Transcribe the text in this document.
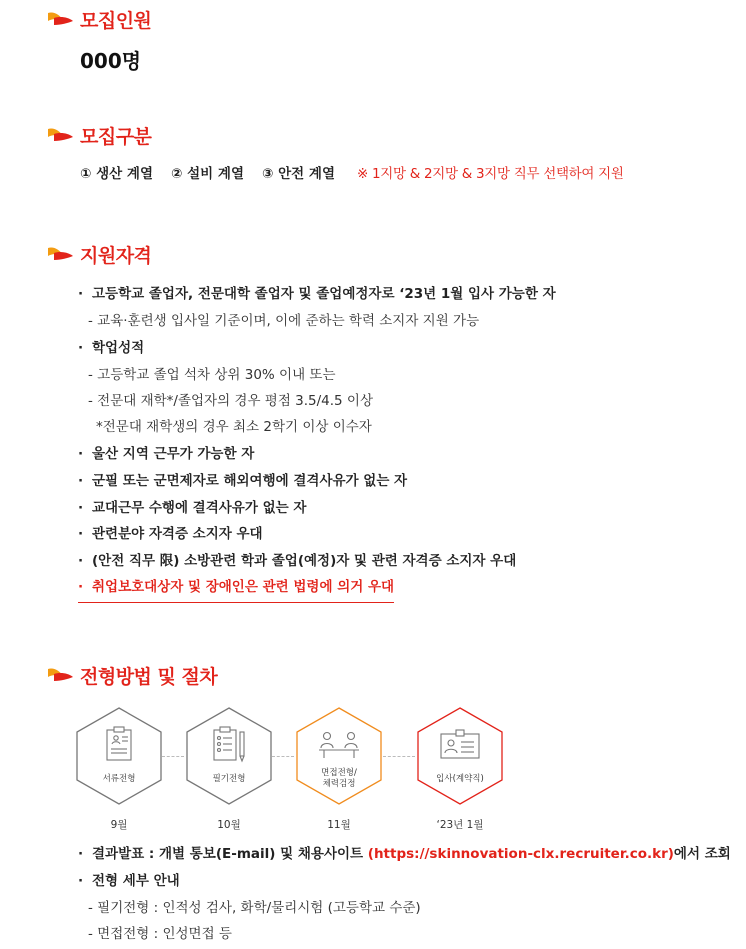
모집인원
000명
모집구분
① 생산 계열 ② 설비 계열 ③ 안전 계열 ※ 1지망 & 2지망 & 3지망 직무 선택하여 지원
지원자격
· 고등학교 졸업자, 전문대학 졸업자 및 졸업예정자로 ‘23년 1월 입사 가능한 자
- 교육·훈련생 입사일 기준이며, 이에 준하는 학력 소지자 지원 가능
· 학업성적
- 고등학교 졸업 석차 상위 30% 이내 또는
- 전문대 재학*/졸업자의 경우 평점 3.5/4.5 이상
*전문대 재학생의 경우 최소 2학기 이상 이수자
· 울산 지역 근무가 가능한 자
· 군필 또는 군면제자로 해외여행에 결격사유가 없는 자
· 교대근무 수행에 결격사유가 없는 자
· 관련분야 자격증 소지자 우대
· (안전 직무 限) 소방관련 학과 졸업(예정)자 및 관련 자격증 소지자 우대
· 취업보호대상자 및 장애인은 관련 법령에 의거 우대
전형방법 및 절차
서류전형	필기전형
면접전형/
체력검정	입사(계약직)
9월	10월	11월	‘23년 1월
· 결과발표 : 개별 통보(E-mail) 및 채용사이트 (https://skinnovation-clx.recruiter.co.kr)에서 조회
· 전형 세부 안내
- 필기전형 : 인적성 검사, 화학/물리시험 (고등학교 수준)
- 면접전형 : 인성면접 등
